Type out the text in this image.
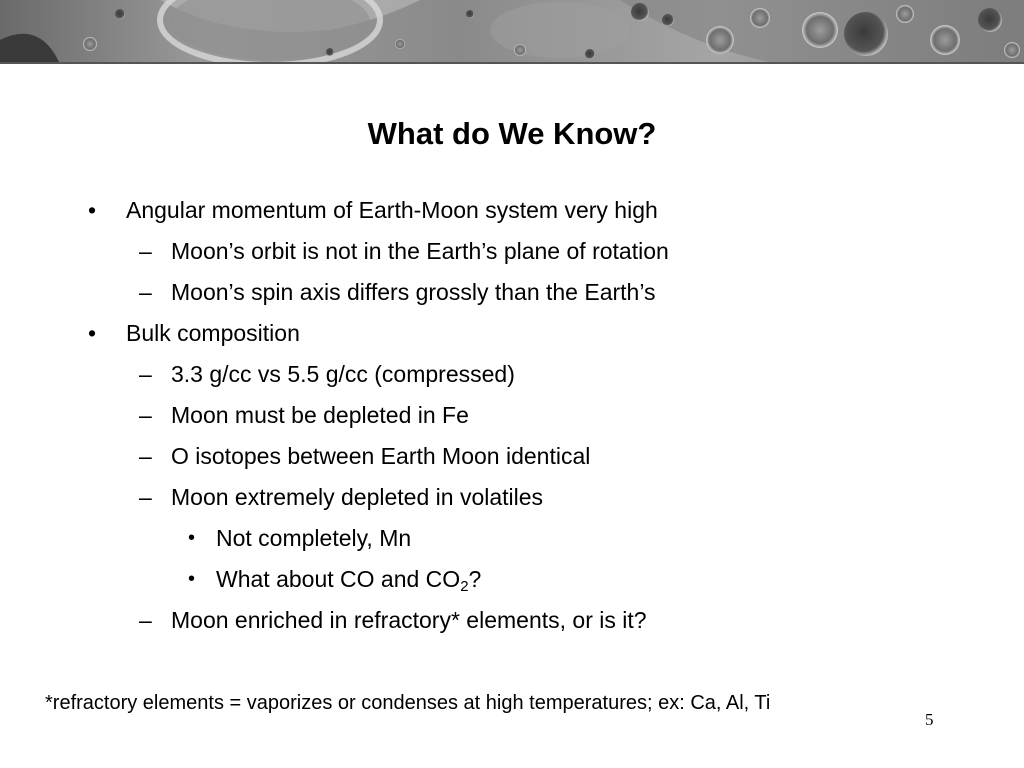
What do We Know?
• Angular momentum of Earth-Moon system very high
– Moon’s orbit is not in the Earth’s plane of rotation
– Moon’s spin axis differs grossly than the Earth’s
• Bulk composition
– 3.3 g/cc vs 5.5 g/cc (compressed)
– Moon must be depleted in Fe
– O isotopes between Earth Moon identical
– Moon extremely depleted in volatiles
• Not completely, Mn
• What about CO and $CO_2$?
– Moon enriched in refractory* elements, or is it?
*refractory elements = vaporizes or condenses at high temperatures; ex: Ca, Al, Ti
5
